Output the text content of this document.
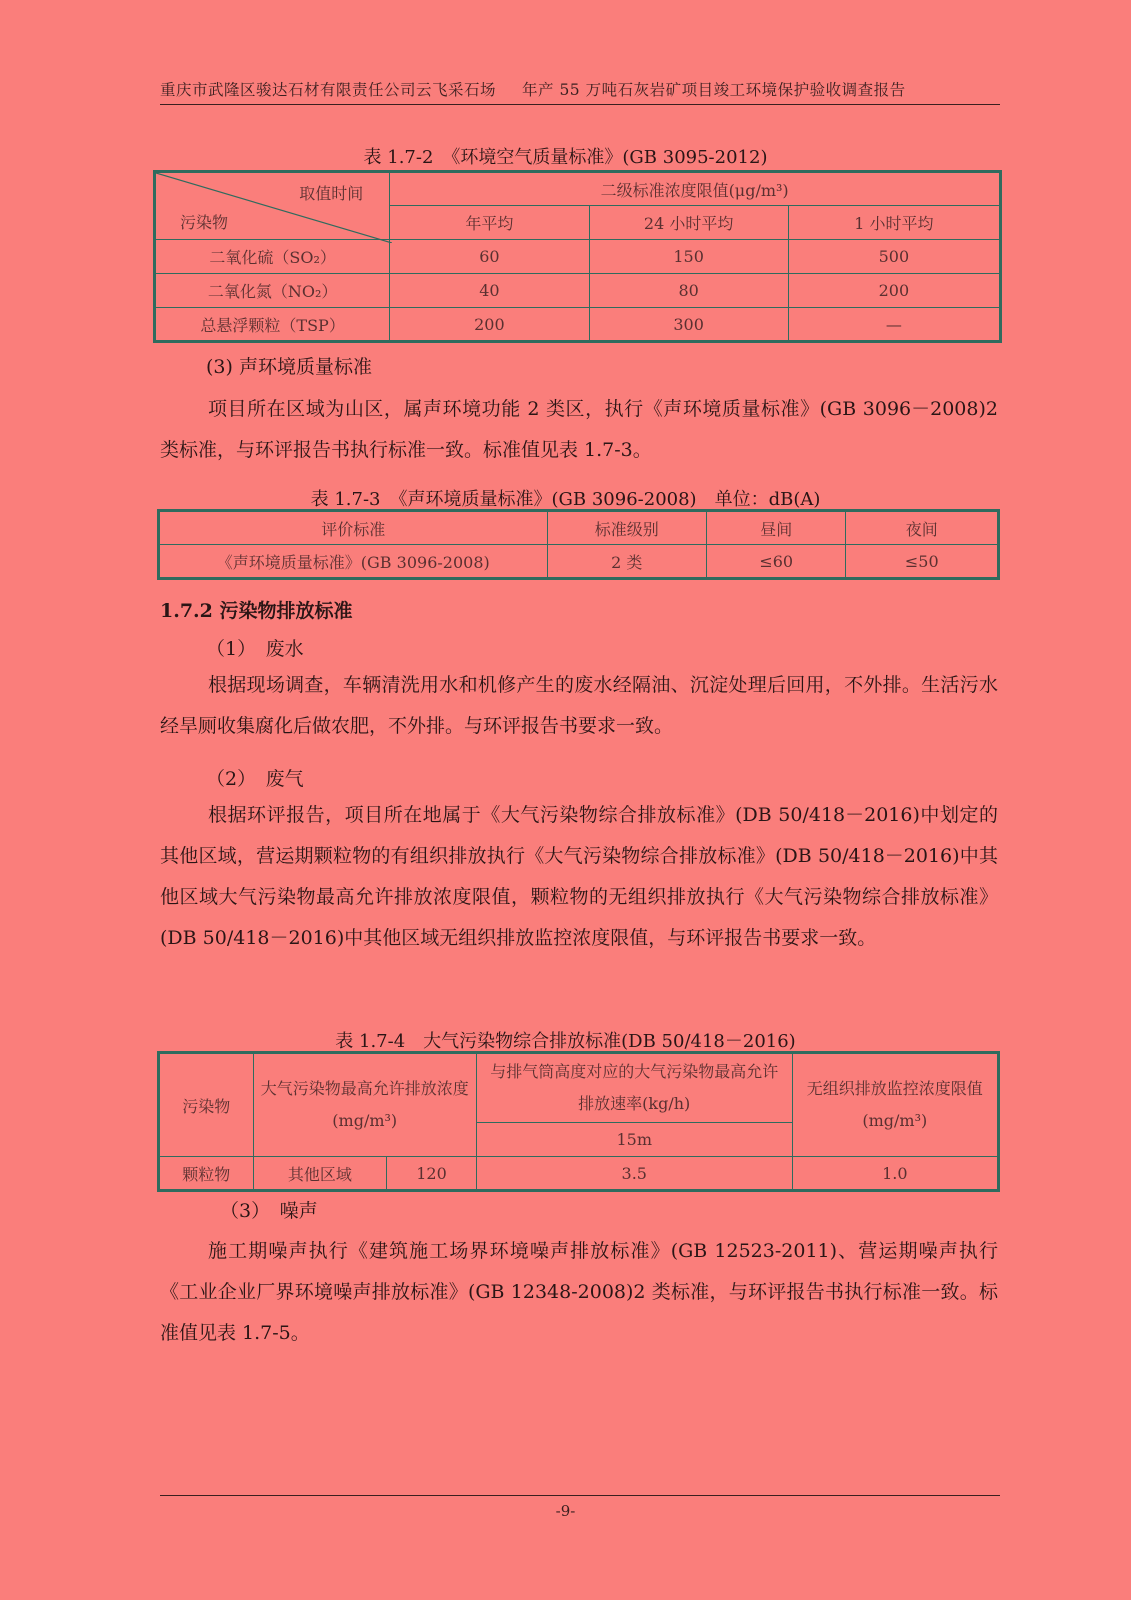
重庆市武隆区骏达石材有限责任公司云飞采石场 年产 55 万吨石灰岩矿项目竣工环境保护验收调查报告
表 1.7-2　《环境空气质量标准》(GB 3095-2012)
取值时间
污染物	二级标准浓度限值(μg/m³)		
	年平均	24 小时平均	1 小时平均
二氧化硫（SO₂）	60	150	500
二氧化氮（NO₂）	40	80	200
总悬浮颗粒（TSP）	200	300	—
(3) 声环境质量标准
项目所在区域为山区，属声环境功能 2 类区，执行《声环境质量标准》(GB 3096－2008)2 类标准，与环评报告书执行标准一致。标准值见表 1.7-3。
表 1.7-3　《声环境质量标准》(GB 3096-2008)　单位：dB(A)
评价标准	标准级别	昼间	夜间
《声环境质量标准》(GB 3096-2008)	2 类	≤60	≤50
1.7.2 污染物排放标准
（1）　废水
根据现场调查，车辆清洗用水和机修产生的废水经隔油、沉淀处理后回用，不外排。生活污水经旱厕收集腐化后做农肥，不外排。与环评报告书要求一致。
（2）　废气
根据环评报告，项目所在地属于《大气污染物综合排放标准》(DB 50/418－2016)中划定的其他区域，营运期颗粒物的有组织排放执行《大气污染物综合排放标准》(DB 50/418－2016)中其他区域大气污染物最高允许排放浓度限值，颗粒物的无组织排放执行《大气污染物综合排放标准》(DB 50/418－2016)中其他区域无组织排放监控浓度限值，与环评报告书要求一致。
表 1.7-4　大气污染物综合排放标准(DB 50/418－2016)
污染物	大气污染物最高允许排放浓度(mg/m³)		与排气筒高度对应的大气污染物最高允许排放速率(kg/h)	无组织排放监控浓度限值(mg/m³)
			15m	
颗粒物	其他区域	120	3.5	1.0
（3）　噪声
施工期噪声执行《建筑施工场界环境噪声排放标准》(GB 12523-2011)、营运期噪声执行《工业企业厂界环境噪声排放标准》(GB 12348-2008)2 类标准，与环评报告书执行标准一致。标准值见表 1.7-5。
-9-
